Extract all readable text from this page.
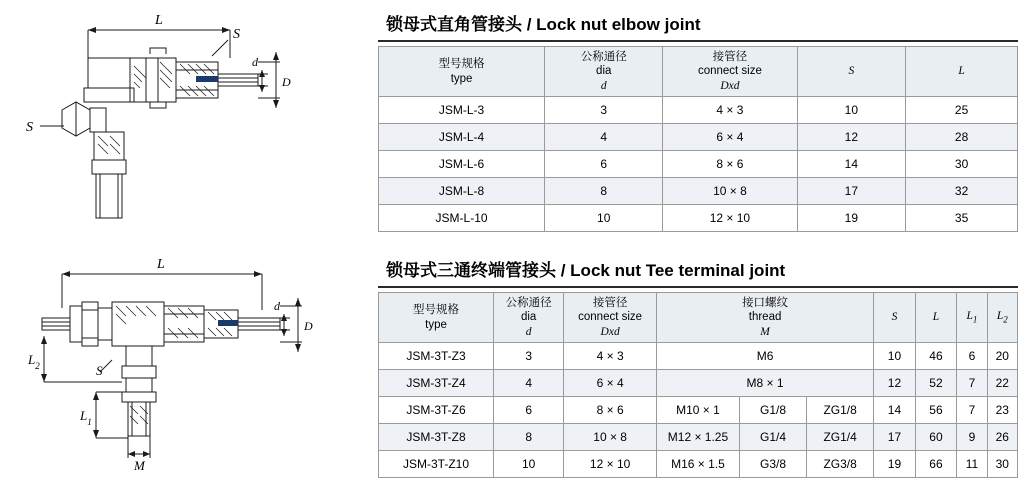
L
S
S
d
D
L
d
D
S
$L_2$
$L_1$
M
锁母式直角管接头 / Lock nut elbow joint
型号规格
type	公称通径
dia
d	接管径
connect size
Dxd	S	L

JSM-L-3	3	4 × 3	10	25
JSM-L-4	4	6 × 4	12	28
JSM-L-6	6	8 × 6	14	30
JSM-L-8	8	10 × 8	17	32
JSM-L-10	10	12 × 10	19	35
锁母式三通终端管接头 / Lock nut Tee terminal joint
型号规格
type	公称通径
dia
d	接管径
connect size
Dxd	接口螺纹
thread
M			S	L	$L_1$	$L_2$

JSM-3T-Z3	3	4 × 3	M6			10	46	6	20
JSM-3T-Z4	4	6 × 4	M8 × 1			12	52	7	22
JSM-3T-Z6	6	8 × 6	M10 × 1	G1/8	ZG1/8	14	56	7	23
JSM-3T-Z8	8	10 × 8	M12 × 1.25	G1/4	ZG1/4	17	60	9	26
JSM-3T-Z10	10	12 × 10	M16 × 1.5	G3/8	ZG3/8	19	66	11	30
